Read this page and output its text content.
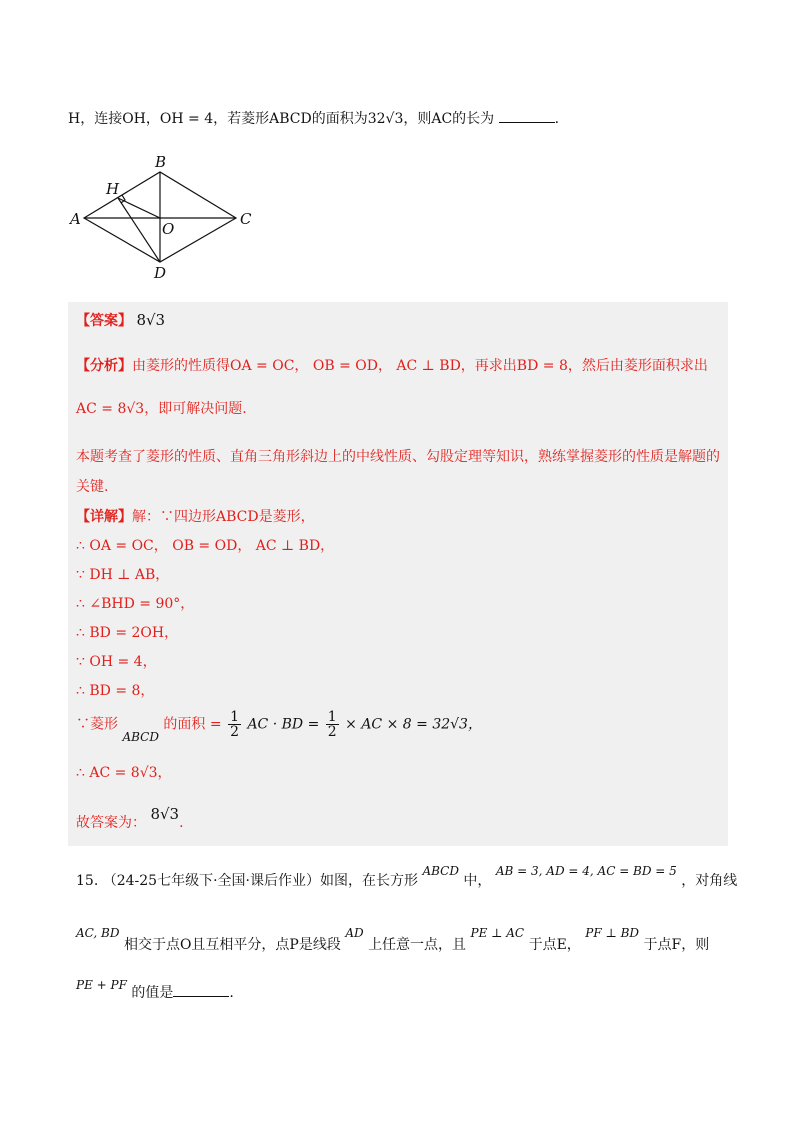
H，连接OH，OH = 4，若菱形ABCD的面积为32√3，则AC的长为	.
A
B
C
D
H
O
【答案】 8√3
【分析】由菱形的性质得OA = OC， OB = OD， AC ⊥ BD，再求出BD = 8，然后由菱形面积求出
AC = 8√3，即可解决问题.
本题考查了菱形的性质、直角三角形斜边上的中线性质、勾股定理等知识，熟练掌握菱形的性质是解题的
关键.
【详解】解：∵四边形ABCD是菱形，
∴ OA = OC， OB = OD， AC ⊥ BD，
∵ DH ⊥ AB，
∴ ∠BHD = 90°，
∴ BD = 2OH，
∵ OH = 4，
∴ BD = 8，
∵菱形 ABCD 的面积 = $\frac{1}{2}$ AC · BD = $\frac{1}{2}$ × AC × 8 = 32√3，
∴ AC = 8√3，
故答案为： 8√3.
15. （24-25七年级下·全国·课后作业）如图，在长方形 ABCD 中， AB = 3, AD = 4, AC = BD = 5 ，对角线
AC, BD 相交于点O且互相平分，点P是线段 AD 上任意一点，且 PE ⊥ AC 于点E， PF ⊥ BD 于点F，则
PE + PF 的值是	.
